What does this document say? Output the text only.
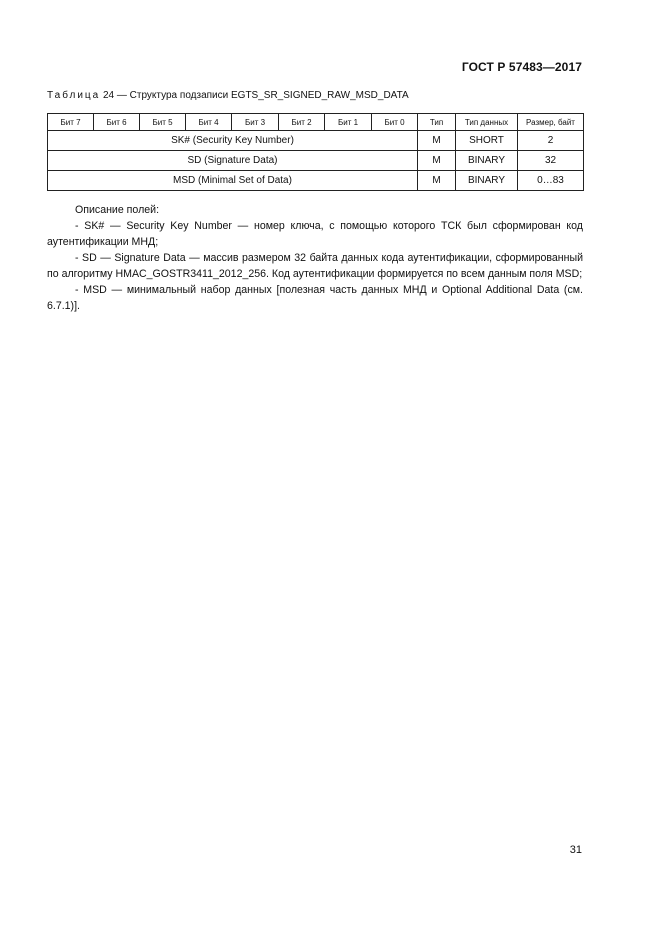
ГОСТ Р 57483—2017
Таблица 24 — Структура подзаписи EGTS_SR_SIGNED_RAW_MSD_DATA
Бит 7	Бит 6	Бит 5	Бит 4	Бит 3	Бит 2	Бит 1	Бит 0	Тип	Тип данных	Размер, байт
SK# (Security Key Number)								M	SHORT	2
SD (Signature Data)								M	BINARY	32
MSD (Minimal Set of Data)								M	BINARY	0…83

Описание полей:

- SK# — Security Key Number — номер ключа, с помощью которого ТСК был сформирован код аутентификации МНД;

- SD — Signature Data — массив размером 32 байта данных кода аутентификации, сформированный по алгоритму HMAC_GOSTR3411_2012_256. Код аутентификации формируется по всем данным поля MSD;

- MSD — минимальный набор данных [полезная часть данных МНД и Optional Additional Data (см. 6.7.1)].

31
